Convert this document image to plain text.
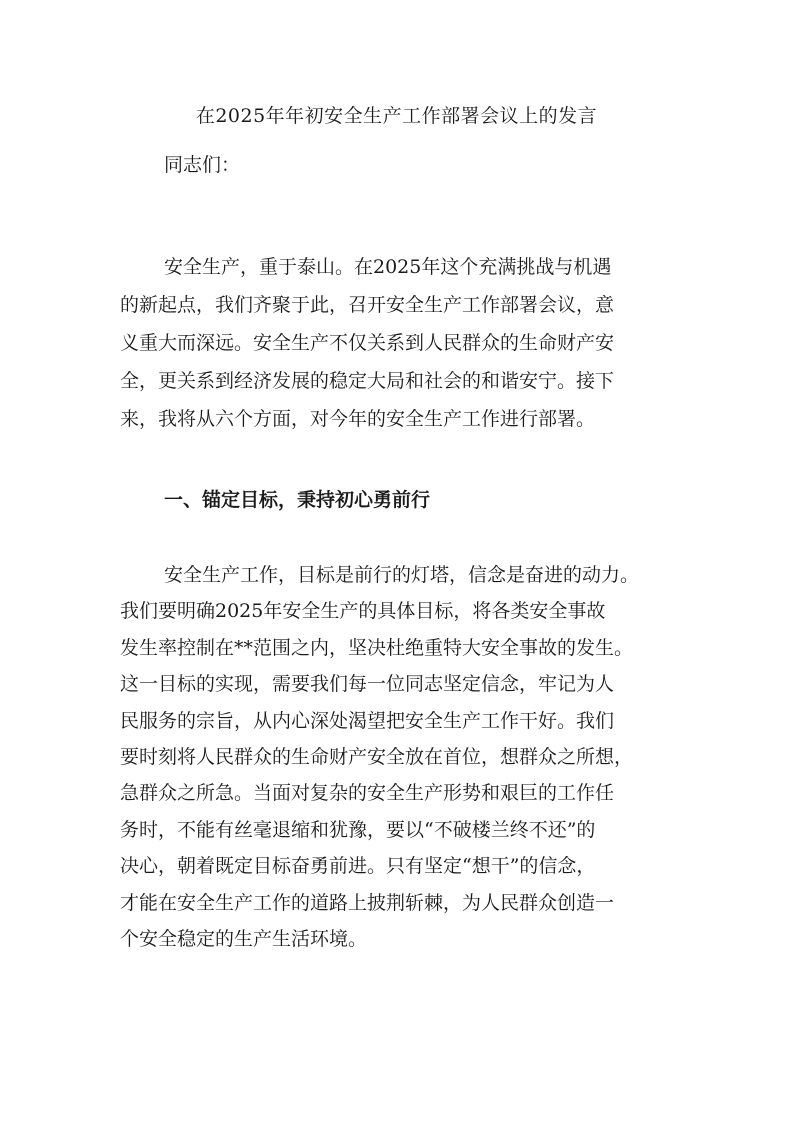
在2025年年初安全生产工作部署会议上的发言
同志们：
安全生产，重于泰山。在2025年这个充满挑战与机遇
的新起点，我们齐聚于此，召开安全生产工作部署会议，意
义重大而深远。安全生产不仅关系到人民群众的生命财产安
全，更关系到经济发展的稳定大局和社会的和谐安宁。接下
来，我将从六个方面，对今年的安全生产工作进行部署。
一、锚定目标，秉持初心勇前行
安全生产工作，目标是前行的灯塔，信念是奋进的动力。
我们要明确2025年安全生产的具体目标，将各类安全事故
发生率控制在**范围之内，坚决杜绝重特大安全事故的发生。
这一目标的实现，需要我们每一位同志坚定信念，牢记为人
民服务的宗旨，从内心深处渴望把安全生产工作干好。我们
要时刻将人民群众的生命财产安全放在首位，想群众之所想，
急群众之所急。当面对复杂的安全生产形势和艰巨的工作任
务时，不能有丝毫退缩和犹豫，要以“不破楼兰终不还”的
决心，朝着既定目标奋勇前进。只有坚定“想干”的信念，
才能在安全生产工作的道路上披荆斩棘，为人民群众创造一
个安全稳定的生产生活环境。
